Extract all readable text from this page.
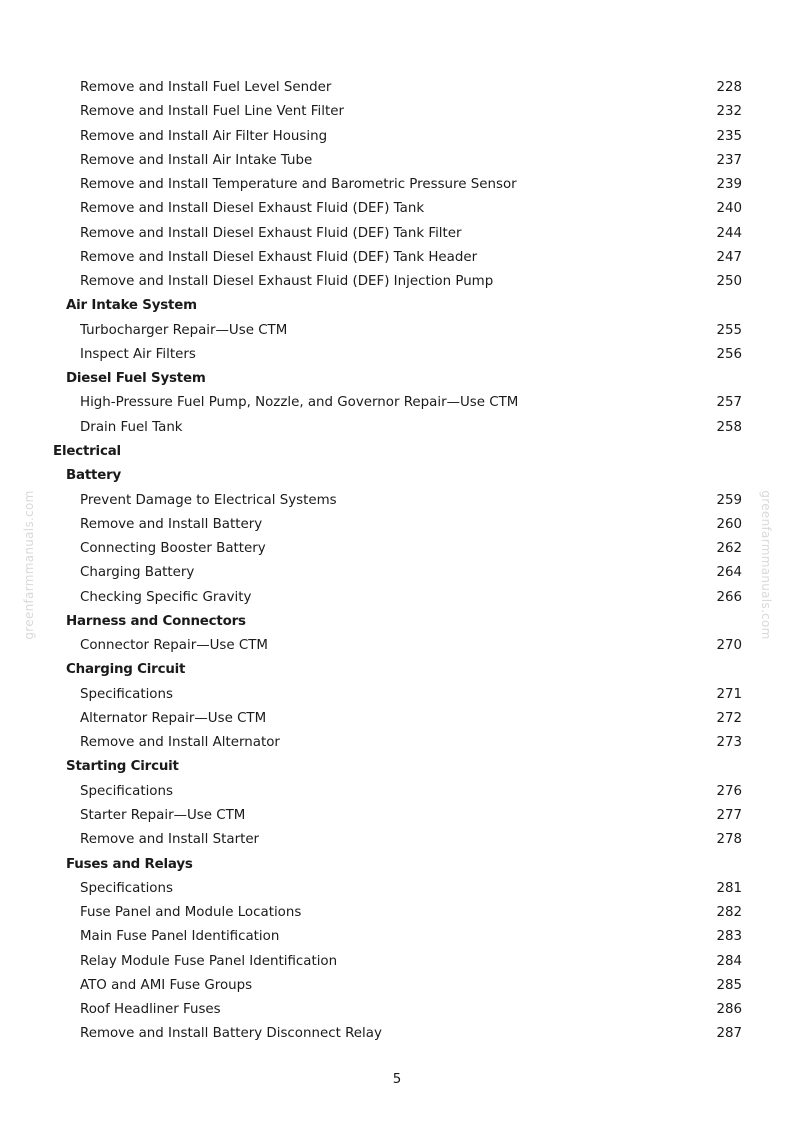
greenfarmmanuals.com	greenfarmmanuals.com
Remove and Install Fuel Level Sender	228
Remove and Install Fuel Line Vent Filter	232
Remove and Install Air Filter Housing	235
Remove and Install Air Intake Tube	237
Remove and Install Temperature and Barometric Pressure Sensor	239
Remove and Install Diesel Exhaust Fluid (DEF) Tank	240
Remove and Install Diesel Exhaust Fluid (DEF) Tank Filter	244
Remove and Install Diesel Exhaust Fluid (DEF) Tank Header	247
Remove and Install Diesel Exhaust Fluid (DEF) Injection Pump	250
Air Intake System
Turbocharger Repair—Use CTM	255
Inspect Air Filters	256
Diesel Fuel System
High-Pressure Fuel Pump, Nozzle, and Governor Repair—Use CTM	257
Drain Fuel Tank	258
Electrical
Battery
Prevent Damage to Electrical Systems	259
Remove and Install Battery	260
Connecting Booster Battery	262
Charging Battery	264
Checking Specific Gravity	266
Harness and Connectors
Connector Repair—Use CTM	270
Charging Circuit
Specifications	271
Alternator Repair—Use CTM	272
Remove and Install Alternator	273
Starting Circuit
Specifications	276
Starter Repair—Use CTM	277
Remove and Install Starter	278
Fuses and Relays
Specifications	281
Fuse Panel and Module Locations	282
Main Fuse Panel Identification	283
Relay Module Fuse Panel Identification	284
ATO and AMI Fuse Groups	285
Roof Headliner Fuses	286
Remove and Install Battery Disconnect Relay	287
5
